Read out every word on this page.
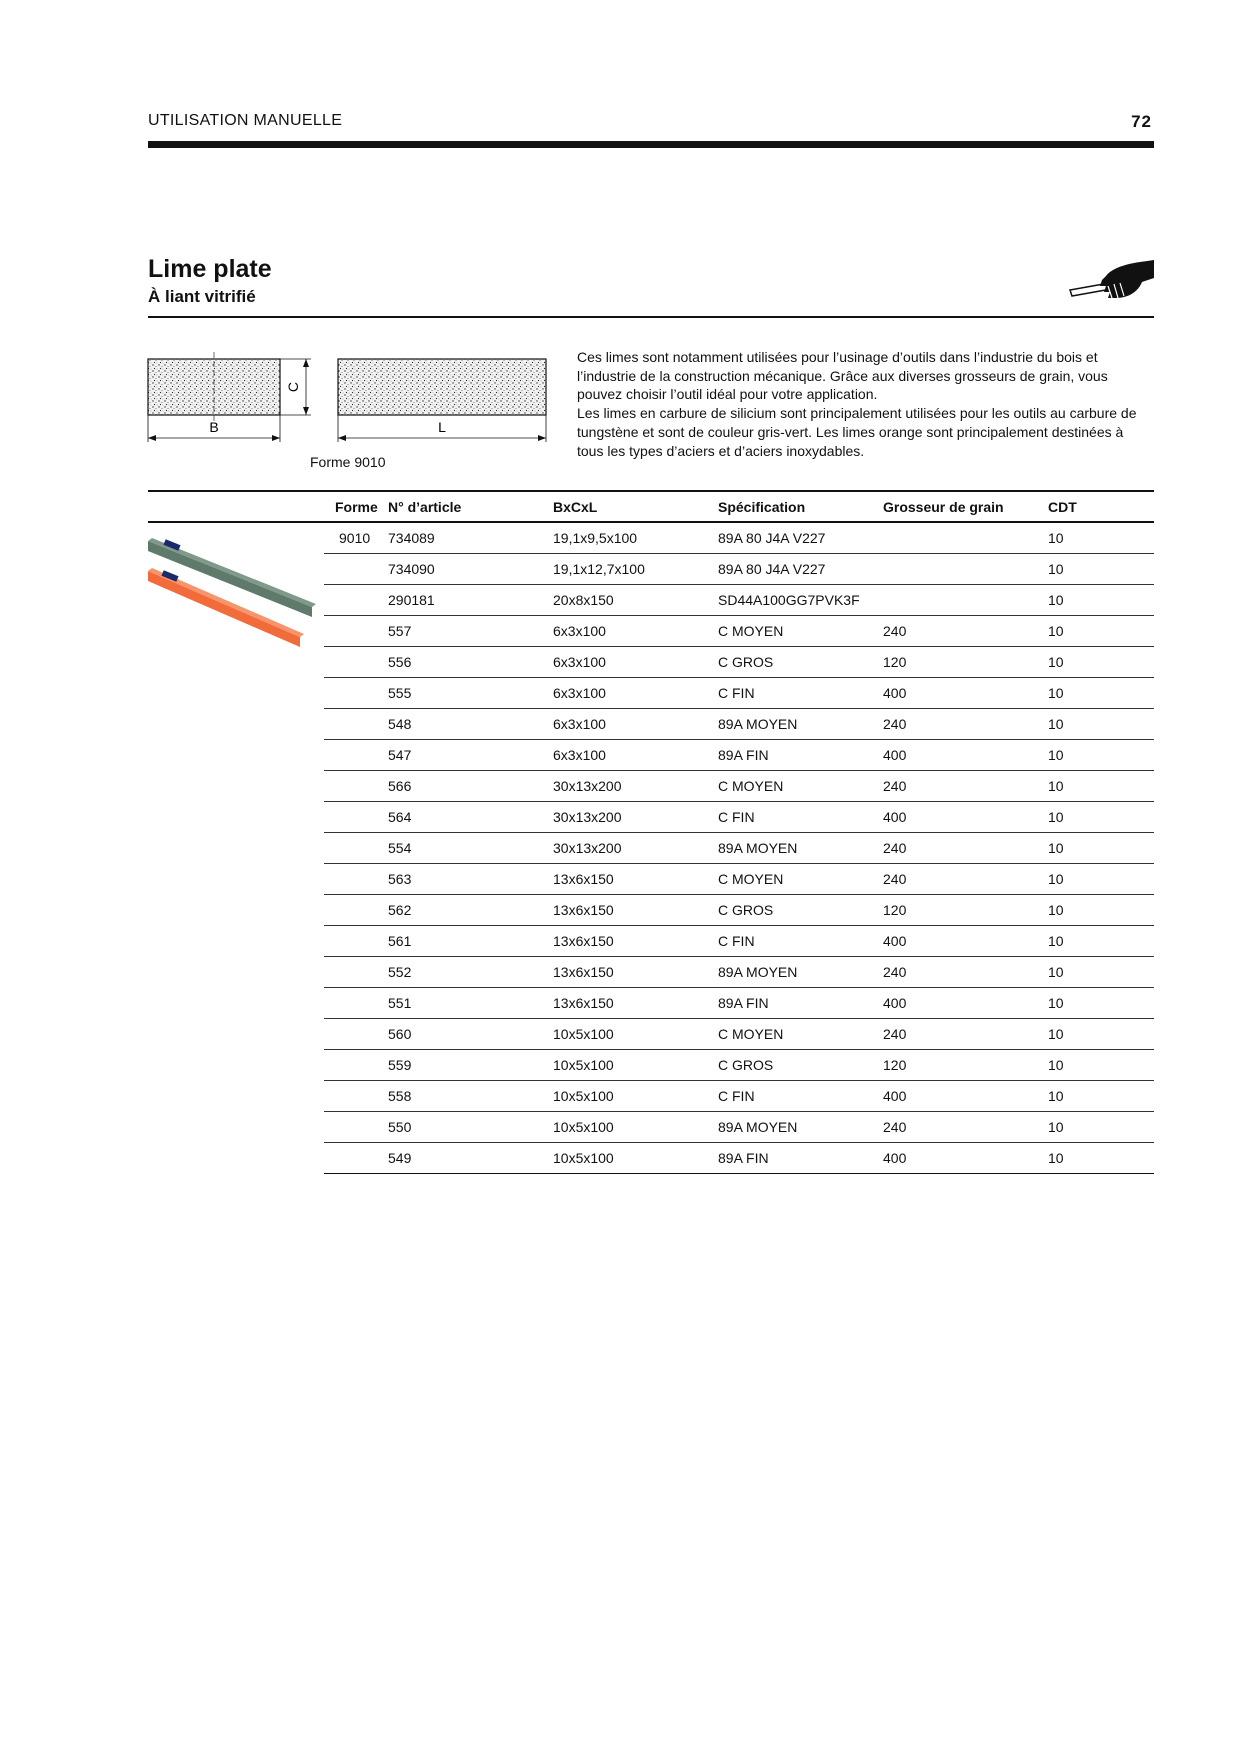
UTILISATION MANUELLE	72
Lime plate
À liant vitrifié
B
C
L
Forme 9010

Ces limes sont notamment utilisées pour l’usinage d’outils dans l’industrie du bois et l’industrie de la construction mécanique. Grâce aux diverses grosseurs de grain, vous pouvez choisir l’outil idéal pour votre application.

Les limes en carbure de silicium sont principalement utilisées pour les outils au carbure de tungstène et sont de couleur gris-vert. Les limes orange sont principalement destinées à tous les types d’aciers et d’aciers inoxydables.

	Forme	N° d’article	BxCxL	Spécification	Grosseur de grain	CDT
	9010	734089	19,1x9,5x100	89A 80 J4A V227		10
		734090	19,1x12,7x100	89A 80 J4A V227		10
		290181	20x8x150	SD44A100GG7PVK3F		10
		557	6x3x100	C MOYEN	240	10
		556	6x3x100	C GROS	120	10
		555	6x3x100	C FIN	400	10
		548	6x3x100	89A MOYEN	240	10
		547	6x3x100	89A FIN	400	10
		566	30x13x200	C MOYEN	240	10
		564	30x13x200	C FIN	400	10
		554	30x13x200	89A MOYEN	240	10
		563	13x6x150	C MOYEN	240	10
		562	13x6x150	C GROS	120	10
		561	13x6x150	C FIN	400	10
		552	13x6x150	89A MOYEN	240	10
		551	13x6x150	89A FIN	400	10
		560	10x5x100	C MOYEN	240	10
		559	10x5x100	C GROS	120	10
		558	10x5x100	C FIN	400	10
		550	10x5x100	89A MOYEN	240	10
		549	10x5x100	89A FIN	400	10
